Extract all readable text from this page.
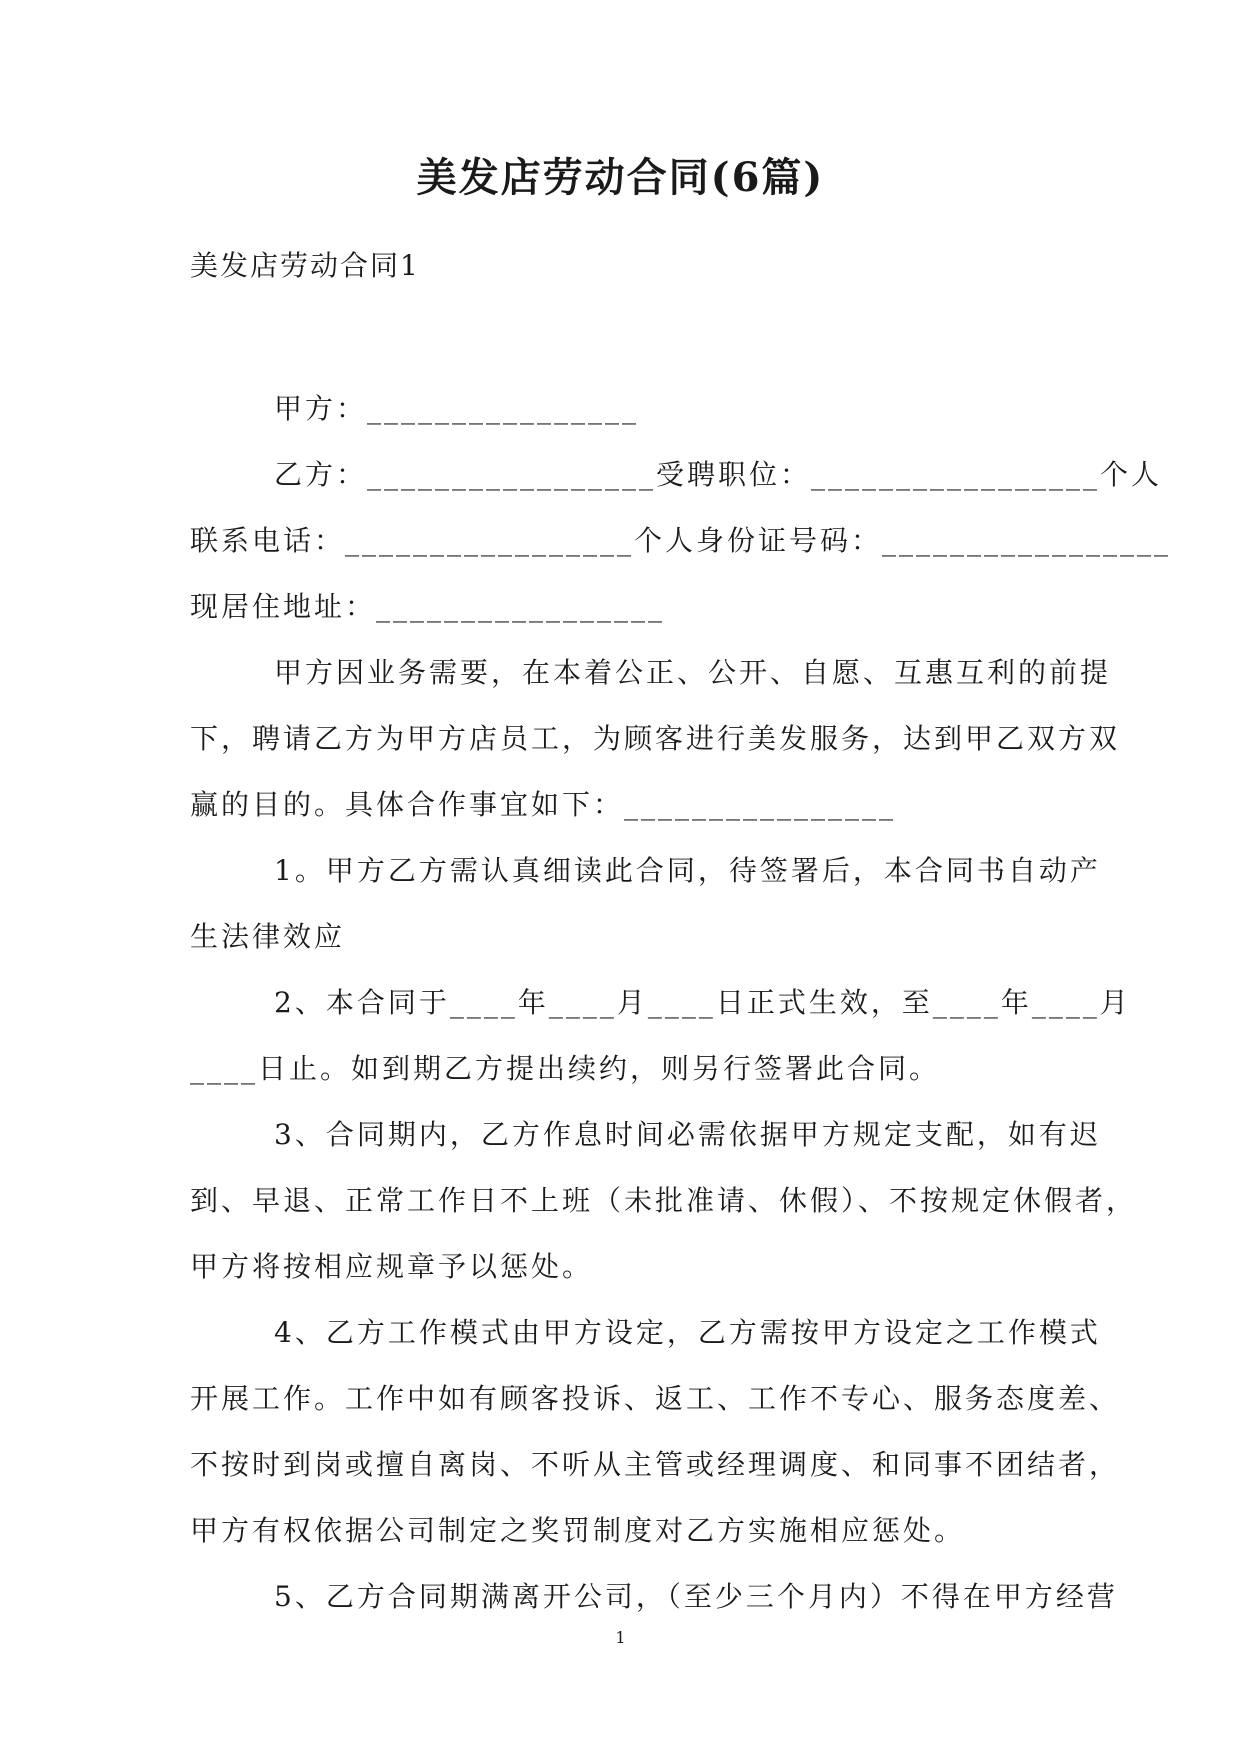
美发店劳动合同(6篇)
美发店劳动合同1
甲方：________________
乙方：_________________受聘职位：_________________个人
联系电话：_________________个人身份证号码：_________________
现居住地址：_________________
甲方因业务需要，在本着公正、公开、自愿、互惠互利的前提
下，聘请乙方为甲方店员工，为顾客进行美发服务，达到甲乙双方双
赢的目的。具体合作事宜如下：________________
1。甲方乙方需认真细读此合同，待签署后，本合同书自动产
生法律效应
2、本合同于____年____月____日正式生效，至____年____月
____日止。如到期乙方提出续约，则另行签署此合同。
3、合同期内，乙方作息时间必需依据甲方规定支配，如有迟
到、早退、正常工作日不上班（未批准请、休假）、不按规定休假者，
甲方将按相应规章予以惩处。
4、乙方工作模式由甲方设定，乙方需按甲方设定之工作模式
开展工作。工作中如有顾客投诉、返工、工作不专心、服务态度差、
不按时到岗或擅自离岗、不听从主管或经理调度、和同事不团结者，
甲方有权依据公司制定之奖罚制度对乙方实施相应惩处。
5、乙方合同期满离开公司，（至少三个月内）不得在甲方经营
1
